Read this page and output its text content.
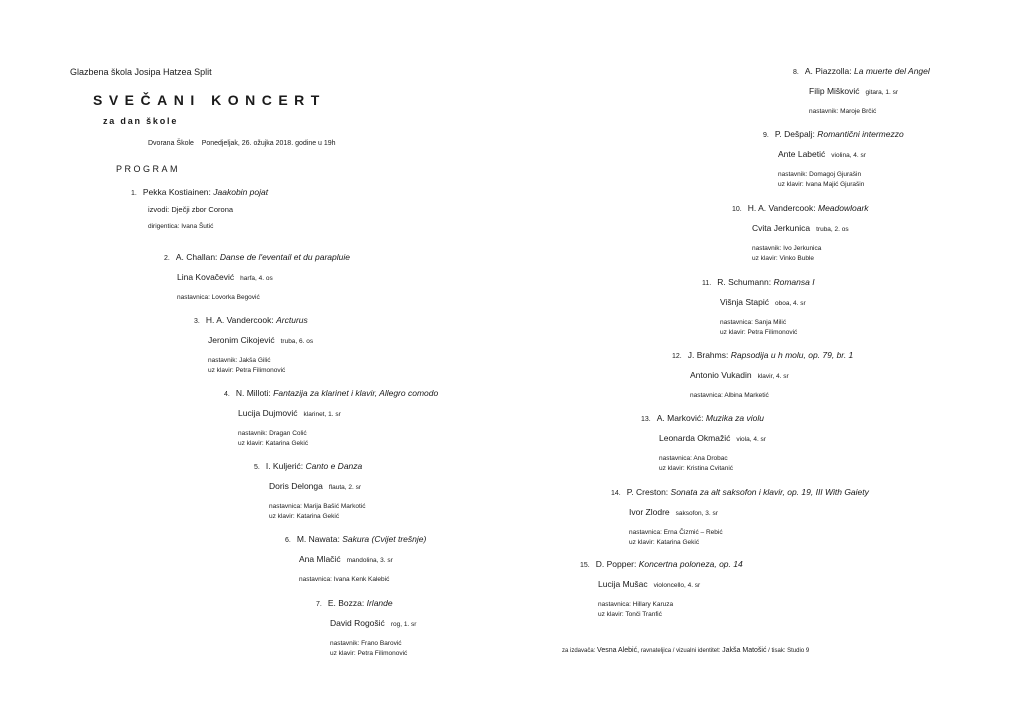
Glazbena škola Josipa Hatzea Split
SVEČANI KONCERT
za dan škole
Dvorana Škole    Ponedjeljak, 26. ožujka 2018. godine u 19h
PROGRAM
1. Pekka Kostiainen: Jaakobin pojat
izvodi: Dječji zbor Corona
dirigentica: Ivana Šutić
2. A. Challan: Danse de l'eventail et du parapluie
Lina Kovačević harfa, 4. os
nastavnica: Lovorka Begović
3. H. A. Vandercook: Arcturus
Jeronim Cikojević truba, 6. os
nastavnik: Jakša Gilić
uz klavir: Petra Filimonović
4. N. Milloti: Fantazija za klarinet i klavir, Allegro comodo
Lucija Dujmović klarinet, 1. sr
nastavnik: Dragan Colić
uz klavir: Katarina Gekić
5. I. Kuljerić: Canto e Danza
Doris Delonga flauta, 2. sr
nastavnica: Marija Bašić Markotić
uz klavir: Katarina Gekić
6. M. Nawata: Sakura (Cvijet trešnje)
Ana Mlačić mandolina, 3. sr
nastavnica: Ivana Kenk Kalebić
7. E. Bozza: Irlande
David Rogošić rog, 1. sr
nastavnik: Frano Barović
uz klavir: Petra Filimonović
8. A. Piazzolla: La muerte del Angel
Filip Mišković gitara, 1. sr
nastavnik: Maroje Brčić
9. P. Dešpalj: Romantični intermezzo
Ante Labetić violina, 4. sr
nastavnik: Domagoj Gjurašin
uz klavir: Ivana Majić Gjurašin
10. H. A. Vandercook: Meadowloark
Cvita Jerkunica truba, 2. os
nastavnik: Ivo Jerkunica
uz klavir: Vinko Buble
11. R. Schumann: Romansa I
Višnja Stapić oboa, 4. sr
nastavnica: Sanja Milić
uz klavir: Petra Filimonović
12. J. Brahms: Rapsodija u h molu, op. 79, br. 1
Antonio Vukadin klavir, 4. sr
nastavnica: Albina Marketić
13. A. Marković: Muzika za violu
Leonarda Okmažić viola, 4. sr
nastavnica: Ana Drobac
uz klavir: Kristina Cvitanić
14. P. Creston: Sonata za alt saksofon i klavir, op. 19, III With Gaiety
Ivor Zlodre saksofon, 3. sr
nastavnica: Erna Čizmić – Rebić
uz klavir: Katarina Gekić
15. D. Popper: Koncertna poloneza, op. 14
Lucija Mušac violoncello, 4. sr
nastavnica: Hillary Karuza
uz klavir: Tonči Tranfić
za izdavača: Vesna Alebić, ravnateljica / vizualni identitet: Jakša Matošić / tisak: Studio 9
